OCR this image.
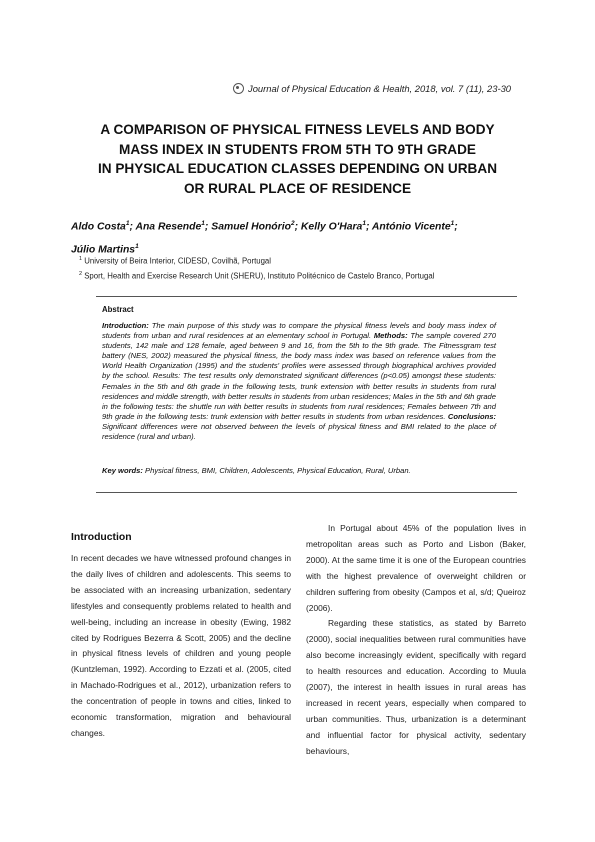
Journal of Physical Education & Health, 2018, vol. 7 (11), 23-30
A COMPARISON OF PHYSICAL FITNESS LEVELS AND BODY
MASS INDEX IN STUDENTS FROM 5TH TO 9TH GRADE
IN PHYSICAL EDUCATION CLASSES DEPENDING ON URBAN
OR RURAL PLACE OF RESIDENCE
Aldo Costa$^1$; Ana Resende$^1$; Samuel Honório$^2$; Kelly O'Hara$^1$; António Vicente$^1$;
Júlio Martins$^1$
$^1$ University of Beira Interior, CIDESD, Covilhã, Portugal
$^2$ Sport, Health and Exercise Research Unit (SHERU), Instituto Politécnico de Castelo Branco, Portugal
Abstract
Introduction: The main purpose of this study was to compare the physical fitness levels and body mass index of students from urban and rural residences at an elementary school in Portugal. Methods: The sample covered 270 students, 142 male and 128 female, aged between 9 and 16, from the 5th to the 9th grade. The Fitnessgram test battery (NES, 2002) measured the physical fitness, the body mass index was based on reference values from the World Health Organization (1995) and the students' profiles were assessed through biographical archives provided by the school. Results: The test results only demonstrated significant differences (p<0.05) amongst these students: Females in the 5th and 6th grade in the following tests, trunk extension with better results in students from rural residences and middle strength, with better results in students from urban residences; Males in the 5th and 6th grade in the following tests: the shuttle run with better results in students from rural residences; Females between 7th and 9th grade in the following tests: trunk extension with better results in students from urban residences. Conclusions: Significant differences were not observed between the levels of physical fitness and BMI related to the place of residence (rural and urban).
Key words: Physical fitness, BMI, Children, Adolescents, Physical Education, Rural, Urban.
Introduction

In recent decades we have witnessed profound changes in the daily lives of children and adolescents. This seems to be associated with an increasing urbanization, sedentary lifestyles and consequently problems related to health and well-being, including an increase in obesity (Ewing, 1982 cited by Rodrigues Bezerra & Scott, 2005) and the decline in physical fitness levels of children and young people (Kuntzleman, 1992). According to Ezzati et al. (2005, cited in Machado-Rodrigues et al., 2012), urbanization refers to the concentration of people in towns and cities, linked to economic transformation, migration and behavioural changes.

In Portugal about 45% of the population lives in metropolitan areas such as Porto and Lisbon (Baker, 2000). At the same time it is one of the European countries with the highest prevalence of overweight children or children suffering from obesity (Campos et al, s/d; Queiroz (2006).

Regarding these statistics, as stated by Barreto (2000), social inequalities between rural communities have also become increasingly evident, specifically with regard to health resources and education. According to Muula (2007), the interest in health issues in rural areas has increased in recent years, especially when compared to urban communities. Thus, urbanization is a determinant and influential factor for physical activity, sedentary behaviours,
